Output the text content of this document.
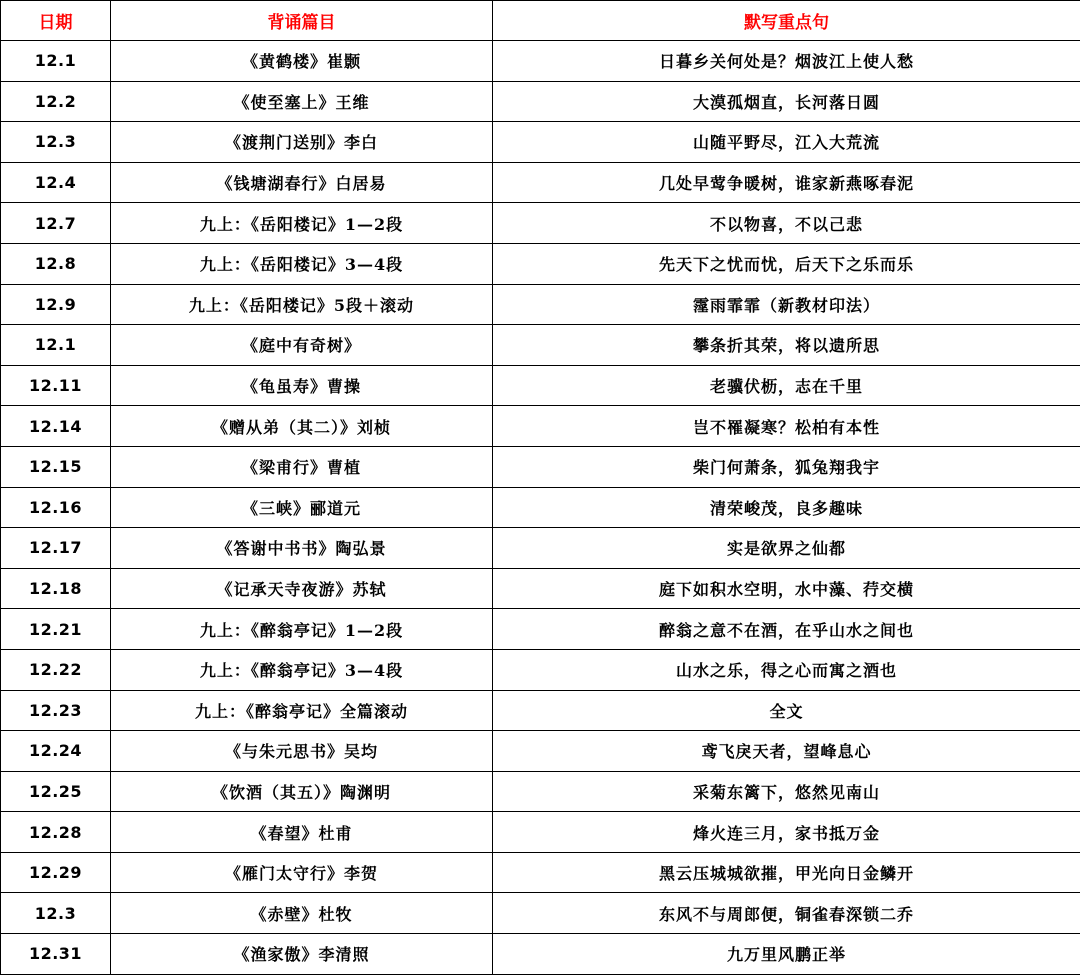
日期	背诵篇目	默写重点句
12.1	《黄鹤楼》崔颢	日暮乡关何处是？烟波江上使人愁
12.2	《使至塞上》王维	大漠孤烟直，长河落日圆
12.3	《渡荆门送别》李白	山随平野尽，江入大荒流
12.4	《钱塘湖春行》白居易	几处早莺争暖树，谁家新燕啄春泥
12.7	九上：《岳阳楼记》1—2段	不以物喜，不以己悲
12.8	九上：《岳阳楼记》3—4段	先天下之忧而忧，后天下之乐而乐
12.9	九上：《岳阳楼记》5段＋滚动	霪雨霏霏（新教材印法）
12.1	《庭中有奇树》	攀条折其荣，将以遗所思
12.11	《龟虽寿》曹操	老骥伏枥，志在千里
12.14	《赠从弟（其二）》刘桢	岂不罹凝寒？松柏有本性
12.15	《梁甫行》曹植	柴门何萧条，狐兔翔我宇
12.16	《三峡》郦道元	清荣峻茂，良多趣味
12.17	《答谢中书书》陶弘景	实是欲界之仙都
12.18	《记承天寺夜游》苏轼	庭下如积水空明，水中藻、荇交横
12.21	九上：《醉翁亭记》1—2段	醉翁之意不在酒，在乎山水之间也
12.22	九上：《醉翁亭记》3—4段	山水之乐，得之心而寓之酒也
12.23	九上：《醉翁亭记》全篇滚动	全文
12.24	《与朱元思书》吴均	鸢飞戾天者，望峰息心
12.25	《饮酒（其五）》陶渊明	采菊东篱下，悠然见南山
12.28	《春望》杜甫	烽火连三月，家书抵万金
12.29	《雁门太守行》李贺	黑云压城城欲摧，甲光向日金鳞开
12.3	《赤壁》杜牧	东风不与周郎便，铜雀春深锁二乔
12.31	《渔家傲》李清照	九万里风鹏正举
